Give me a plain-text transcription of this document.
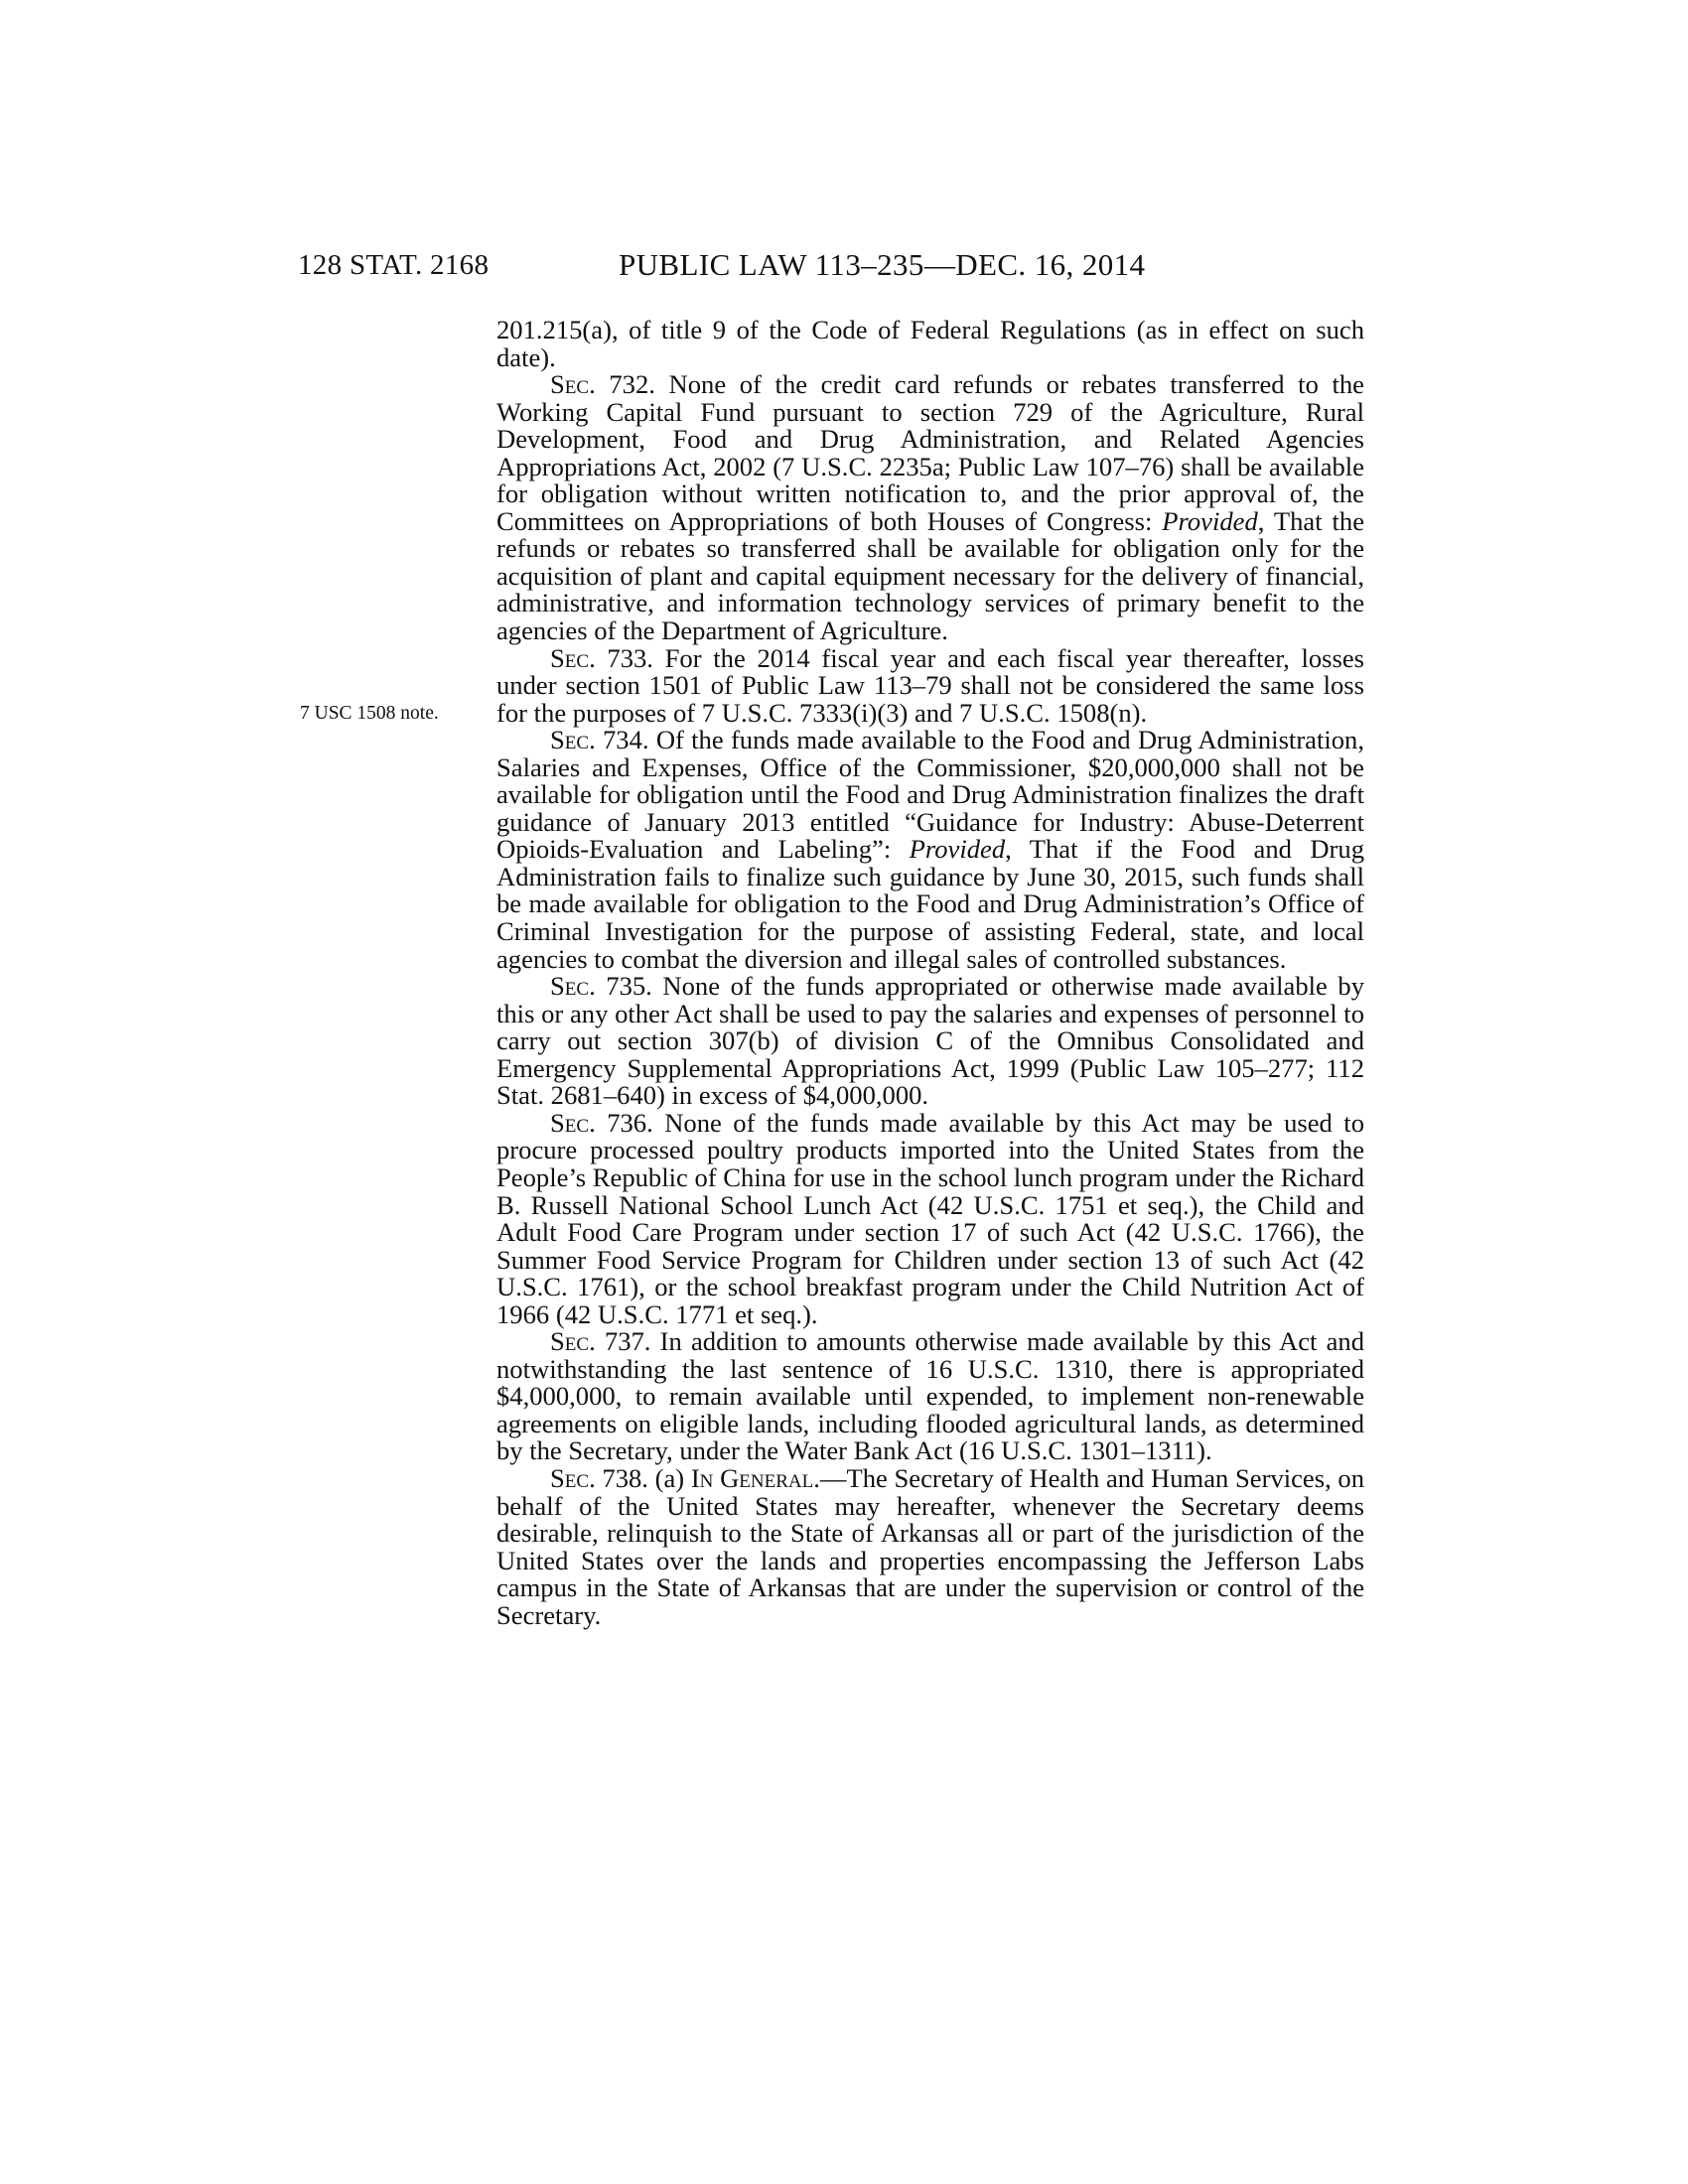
128 STAT. 2168	PUBLIC LAW 113–235—DEC. 16, 2014
7 USC 1508 note.

201.215(a), of title 9 of the Code of Federal Regulations (as in effect on such date).

Sec. 732. None of the credit card refunds or rebates transferred to the Working Capital Fund pursuant to section 729 of the Agriculture, Rural Development, Food and Drug Administration, and Related Agencies Appropriations Act, 2002 (7 U.S.C. 2235a; Public Law 107–76) shall be available for obligation without written notification to, and the prior approval of, the Committees on Appropriations of both Houses of Congress: Provided, That the refunds or rebates so transferred shall be available for obligation only for the acquisition of plant and capital equipment necessary for the delivery of financial, administrative, and information technology services of primary benefit to the agencies of the Department of Agriculture.

Sec. 733. For the 2014 fiscal year and each fiscal year thereafter, losses under section 1501 of Public Law 113–79 shall not be considered the same loss for the purposes of 7 U.S.C. 7333(i)(3) and 7 U.S.C. 1508(n).

Sec. 734. Of the funds made available to the Food and Drug Administration, Salaries and Expenses, Office of the Commissioner, $20,000,000 shall not be available for obligation until the Food and Drug Administration finalizes the draft guidance of January 2013 entitled “Guidance for Industry: Abuse-Deterrent Opioids-Evaluation and Labeling”: Provided, That if the Food and Drug Administration fails to finalize such guidance by June 30, 2015, such funds shall be made available for obligation to the Food and Drug Administration’s Office of Criminal Investigation for the purpose of assisting Federal, state, and local agencies to combat the diversion and illegal sales of controlled substances.

Sec. 735. None of the funds appropriated or otherwise made available by this or any other Act shall be used to pay the salaries and expenses of personnel to carry out section 307(b) of division C of the Omnibus Consolidated and Emergency Supplemental Appropriations Act, 1999 (Public Law 105–277; 112 Stat. 2681–640) in excess of $4,000,000.

Sec. 736. None of the funds made available by this Act may be used to procure processed poultry products imported into the United States from the People’s Republic of China for use in the school lunch program under the Richard B. Russell National School Lunch Act (42 U.S.C. 1751 et seq.), the Child and Adult Food Care Program under section 17 of such Act (42 U.S.C. 1766), the Summer Food Service Program for Children under section 13 of such Act (42 U.S.C. 1761), or the school breakfast program under the Child Nutrition Act of 1966 (42 U.S.C. 1771 et seq.).

Sec. 737. In addition to amounts otherwise made available by this Act and notwithstanding the last sentence of 16 U.S.C. 1310, there is appropriated $4,000,000, to remain available until expended, to implement non-renewable agreements on eligible lands, including flooded agricultural lands, as determined by the Secretary, under the Water Bank Act (16 U.S.C. 1301–1311).

Sec. 738. (a) In General.—The Secretary of Health and Human Services, on behalf of the United States may hereafter, whenever the Secretary deems desirable, relinquish to the State of Arkansas all or part of the jurisdiction of the United States over the lands and properties encompassing the Jefferson Labs campus in the State of Arkansas that are under the supervision or control of the Secretary.
